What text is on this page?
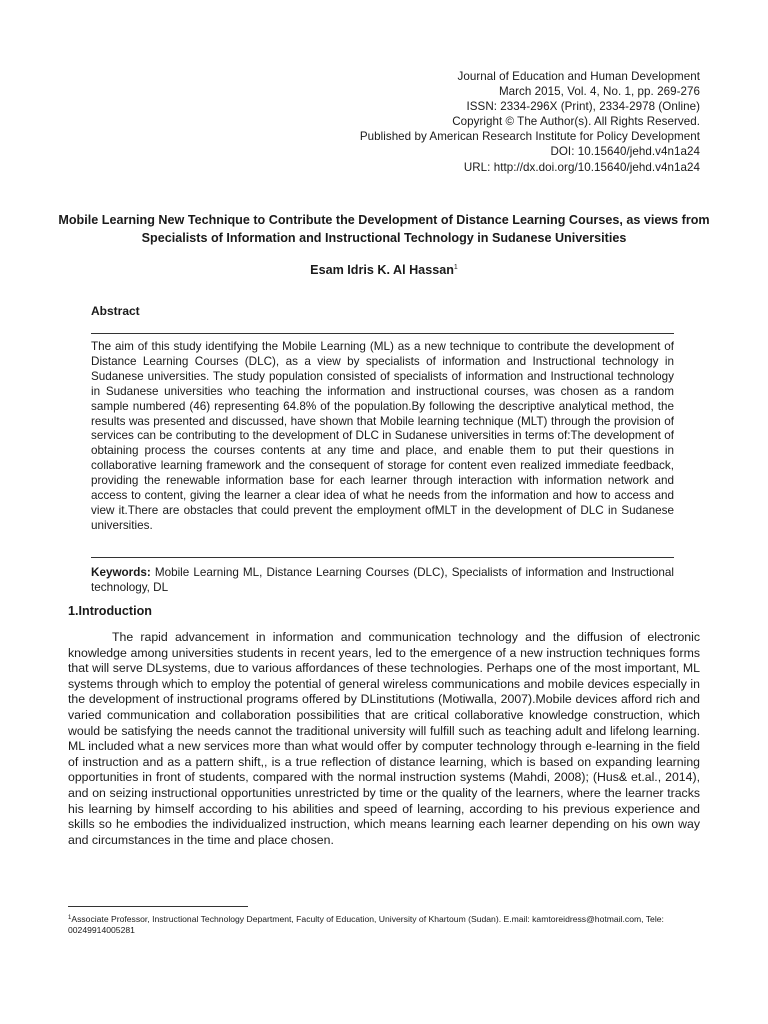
Journal of Education and Human Development
March 2015, Vol. 4, No. 1, pp. 269-276
ISSN: 2334-296X (Print), 2334-2978 (Online)
Copyright © The Author(s). All Rights Reserved.
Published by American Research Institute for Policy Development
DOI: 10.15640/jehd.v4n1a24
URL: http://dx.doi.org/10.15640/jehd.v4n1a24
Mobile Learning New Technique to Contribute the Development of Distance Learning Courses, as views from Specialists of Information and Instructional Technology in Sudanese Universities
Esam Idris K. Al Hassan$^1$
Abstract
The aim of this study identifying the Mobile Learning (ML) as a new technique to contribute the development of Distance Learning Courses (DLC), as a view by specialists of information and Instructional technology in Sudanese universities. The study population consisted of specialists of information and Instructional technology in Sudanese universities who teaching the information and instructional courses, was chosen as a random sample numbered (46) representing 64.8% of the population.By following the descriptive analytical method, the results was presented and discussed, have shown that Mobile learning technique (MLT) through the provision of services can be contributing to the development of DLC in Sudanese universities in terms of:The development of obtaining process the courses contents at any time and place, and enable them to put their questions in collaborative learning framework and the consequent of storage for content even realized immediate feedback, providing the renewable information base for each learner through interaction with information network and access to content, giving the learner a clear idea of what he needs from the information and how to access and view it.There are obstacles that could prevent the employment ofMLT in the development of DLC in Sudanese universities.
Keywords: Mobile Learning ML, Distance Learning Courses (DLC), Specialists of information and Instructional technology, DL
1.Introduction
The rapid advancement in information and communication technology and the diffusion of electronic knowledge among universities students in recent years, led to the emergence of a new instruction techniques forms that will serve DLsystems, due to various affordances of these technologies. Perhaps one of the most important, ML systems through which to employ the potential of general wireless communications and mobile devices especially in the development of instructional programs offered by DLinstitutions (Motiwalla, 2007).Mobile devices afford rich and varied communication and collaboration possibilities that are critical collaborative knowledge construction, which would be satisfying the needs cannot the traditional university will fulfill such as teaching adult and lifelong learning. ML included what a new services more than what would offer by computer technology through e-learning in the field of instruction and as a pattern shift,, is a true reflection of distance learning, which is based on expanding learning opportunities in front of students, compared with the normal instruction systems (Mahdi, 2008); (Hus& et.al., 2014), and on seizing instructional opportunities unrestricted by time or the quality of the learners, where the learner tracks his learning by himself according to his abilities and speed of learning, according to his previous experience and skills so he embodies the individualized instruction, which means learning each learner depending on his own way and circumstances in the time and place chosen.
$^1$Associate Professor, Instructional Technology Department, Faculty of Education, University of Khartoum (Sudan). E.mail: kamtoreidress@hotmail.com, Tele: 00249914005281
